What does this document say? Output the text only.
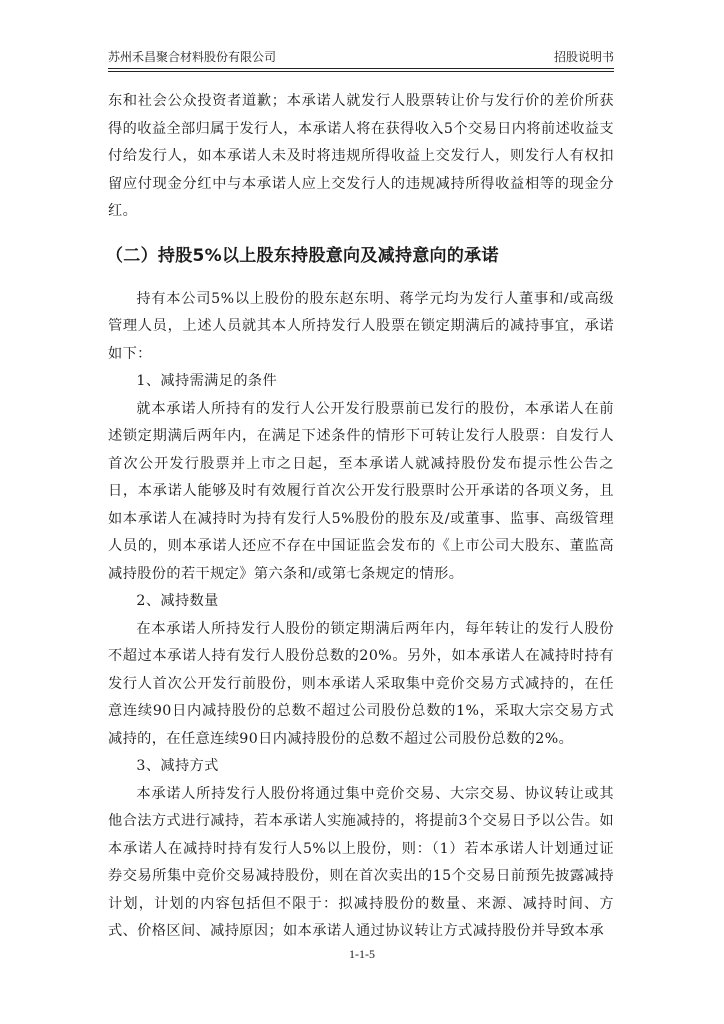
苏州禾昌聚合材料股份有限公司	招股说明书

东和社会公众投资者道歉；本承诺人就发行人股票转让价与发行价的差价所获得的收益全部归属于发行人，本承诺人将在获得收入5个交易日内将前述收益支付给发行人，如本承诺人未及时将违规所得收益上交发行人，则发行人有权扣留应付现金分红中与本承诺人应上交发行人的违规减持所得收益相等的现金分红。

（二）持股5%以上股东持股意向及减持意向的承诺

持有本公司5%以上股份的股东赵东明、蒋学元均为发行人董事和/或高级管理人员，上述人员就其本人所持发行人股票在锁定期满后的减持事宜，承诺如下：

1、减持需满足的条件

就本承诺人所持有的发行人公开发行股票前已发行的股份，本承诺人在前述锁定期满后两年内，在满足下述条件的情形下可转让发行人股票：自发行人首次公开发行股票并上市之日起，至本承诺人就减持股份发布提示性公告之日，本承诺人能够及时有效履行首次公开发行股票时公开承诺的各项义务，且如本承诺人在减持时为持有发行人5%股份的股东及/或董事、监事、高级管理人员的，则本承诺人还应不存在中国证监会发布的《上市公司大股东、董监高减持股份的若干规定》第六条和/或第七条规定的情形。

2、减持数量

在本承诺人所持发行人股份的锁定期满后两年内，每年转让的发行人股份不超过本承诺人持有发行人股份总数的20%。另外，如本承诺人在减持时持有发行人首次公开发行前股份，则本承诺人采取集中竞价交易方式减持的，在任意连续90日内减持股份的总数不超过公司股份总数的1%，采取大宗交易方式减持的，在任意连续90日内减持股份的总数不超过公司股份总数的2%。

3、减持方式

本承诺人所持发行人股份将通过集中竞价交易、大宗交易、协议转让或其他合法方式进行减持，若本承诺人实施减持的，将提前3个交易日予以公告。如本承诺人在减持时持有发行人5%以上股份，则：（1）若本承诺人计划通过证券交易所集中竞价交易减持股份，则在首次卖出的15个交易日前预先披露减持计划，计划的内容包括但不限于：拟减持股份的数量、来源、减持时间、方式、价格区间、减持原因；如本承诺人通过协议转让方式减持股份并导致本承

1-1-5
